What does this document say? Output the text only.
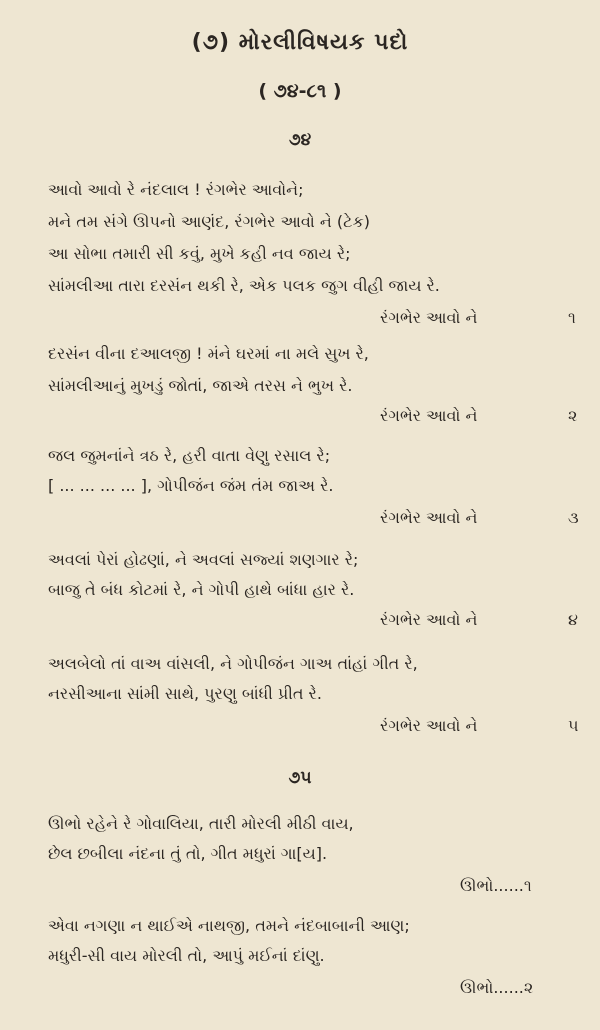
(૭) મોરલીવિષયક પદો
( ૭૪-૮૧ )
૭૪
આવો આવો રે નંદલાલ ! રંગભેર આવોને;
મને તમ સંગે ઊપનો આણંદ, રંગભેર આવો ને (ટેક)
આ સોભા તમારી સી કવું, મુખે કહી નવ જાય રે;
સાંમલીઆ તારા દરસંન થકી રે, એક પલક જુગ વીહી જાય રે.
રંગભેર આવો ને	૧
દરસંન વીના દઆલજી ! મંને ઘરમાં ના મલે સુખ રે,
સાંમલીઆનું મુખડું જોતાં, જાએ તરસ ને ભુખ રે.
રંગભેર આવો ને	૨
જલ જુમનાંને ત્રઠ રે, હરી વાતા વેણુ રસાલ રે;
[ ... ... ... ... ], ગોપીજંન જંમ તંમ જાઅ રે.
રંગભેર આવો ને	૩
અવલાં પેરાં હોઢણાં, ને અવલાં સજ્યાં શણગાર રે;
બાજુ તે બંધ કોટમાં રે, ને ગોપી હાથે બાંધા હાર રે.
રંગભેર આવો ને	૪
અલબેલો તાં વાઅ વાંસલી, ને ગોપીજંન ગાઅ તાંહાં ગીત રે,
નરસીઆના સાંમી સાથે, પુરણુ બાંધી પ્રીત રે.
રંગભેર આવો ને	૫
૭૫
ઊભો રહેને રે ગોવાલિયા, તારી મોરલી મીઠી વાય,
છેલ છબીલા નંદના તું તો, ગીત મધુરાં ગા[ય].
ઊભો......૧
એવા નગણા ન થાઈએ નાથજી, તમને નંદબાબાની આણ;
મધુરી-સી વાય મોરલી તો, આપું મઈનાં દાંણુ.
ઊભો......૨
